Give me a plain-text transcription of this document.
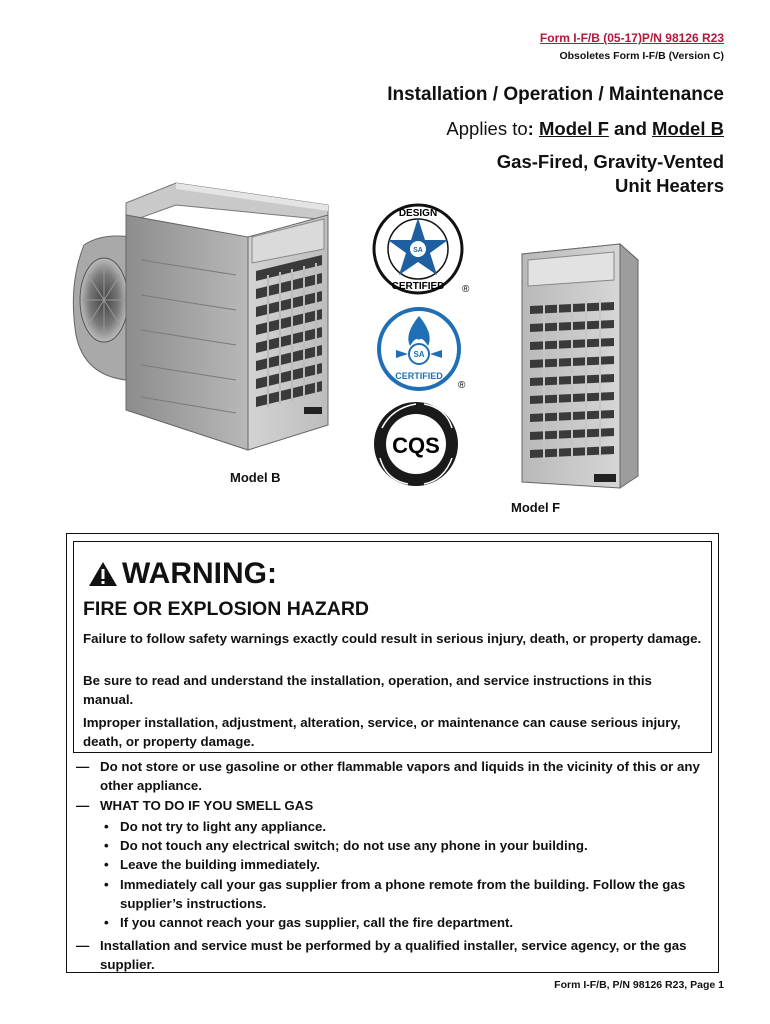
Form I-F/B (05-17)P/N 98126 R23
Obsoletes Form I-F/B (Version C)
Installation / Operation / Maintenance
Applies to: Model F and Model B
Gas-Fired, Gravity-Vented
Unit Heaters
SA
DESIGN
CERTIFIED ®
SA
CERTIFIED
®
CQS
Model B
Model F
WARNING:
FIRE OR EXPLOSION HAZARD
Failure to follow safety warnings exactly could result in serious injury, death, or property damage.
Be sure to read and understand the installation, operation, and service instructions in this manual.
Improper installation, adjustment, alteration, service, or maintenance can cause serious injury, death, or property damage.
— Do not store or use gasoline or other flammable vapors and liquids in the vicinity of this or any other appliance.
— WHAT TO DO IF YOU SMELL GAS
• Do not try to light any appliance.
• Do not touch any electrical switch; do not use any phone in your building.
• Leave the building immediately.
• Immediately call your gas supplier from a phone remote from the building. Follow the gas supplier’s instructions.
• If you cannot reach your gas supplier, call the fire department.
— Installation and service must be performed by a qualified installer, service agency, or the gas supplier.
Form I-F/B, P/N 98126 R23, Page 1
